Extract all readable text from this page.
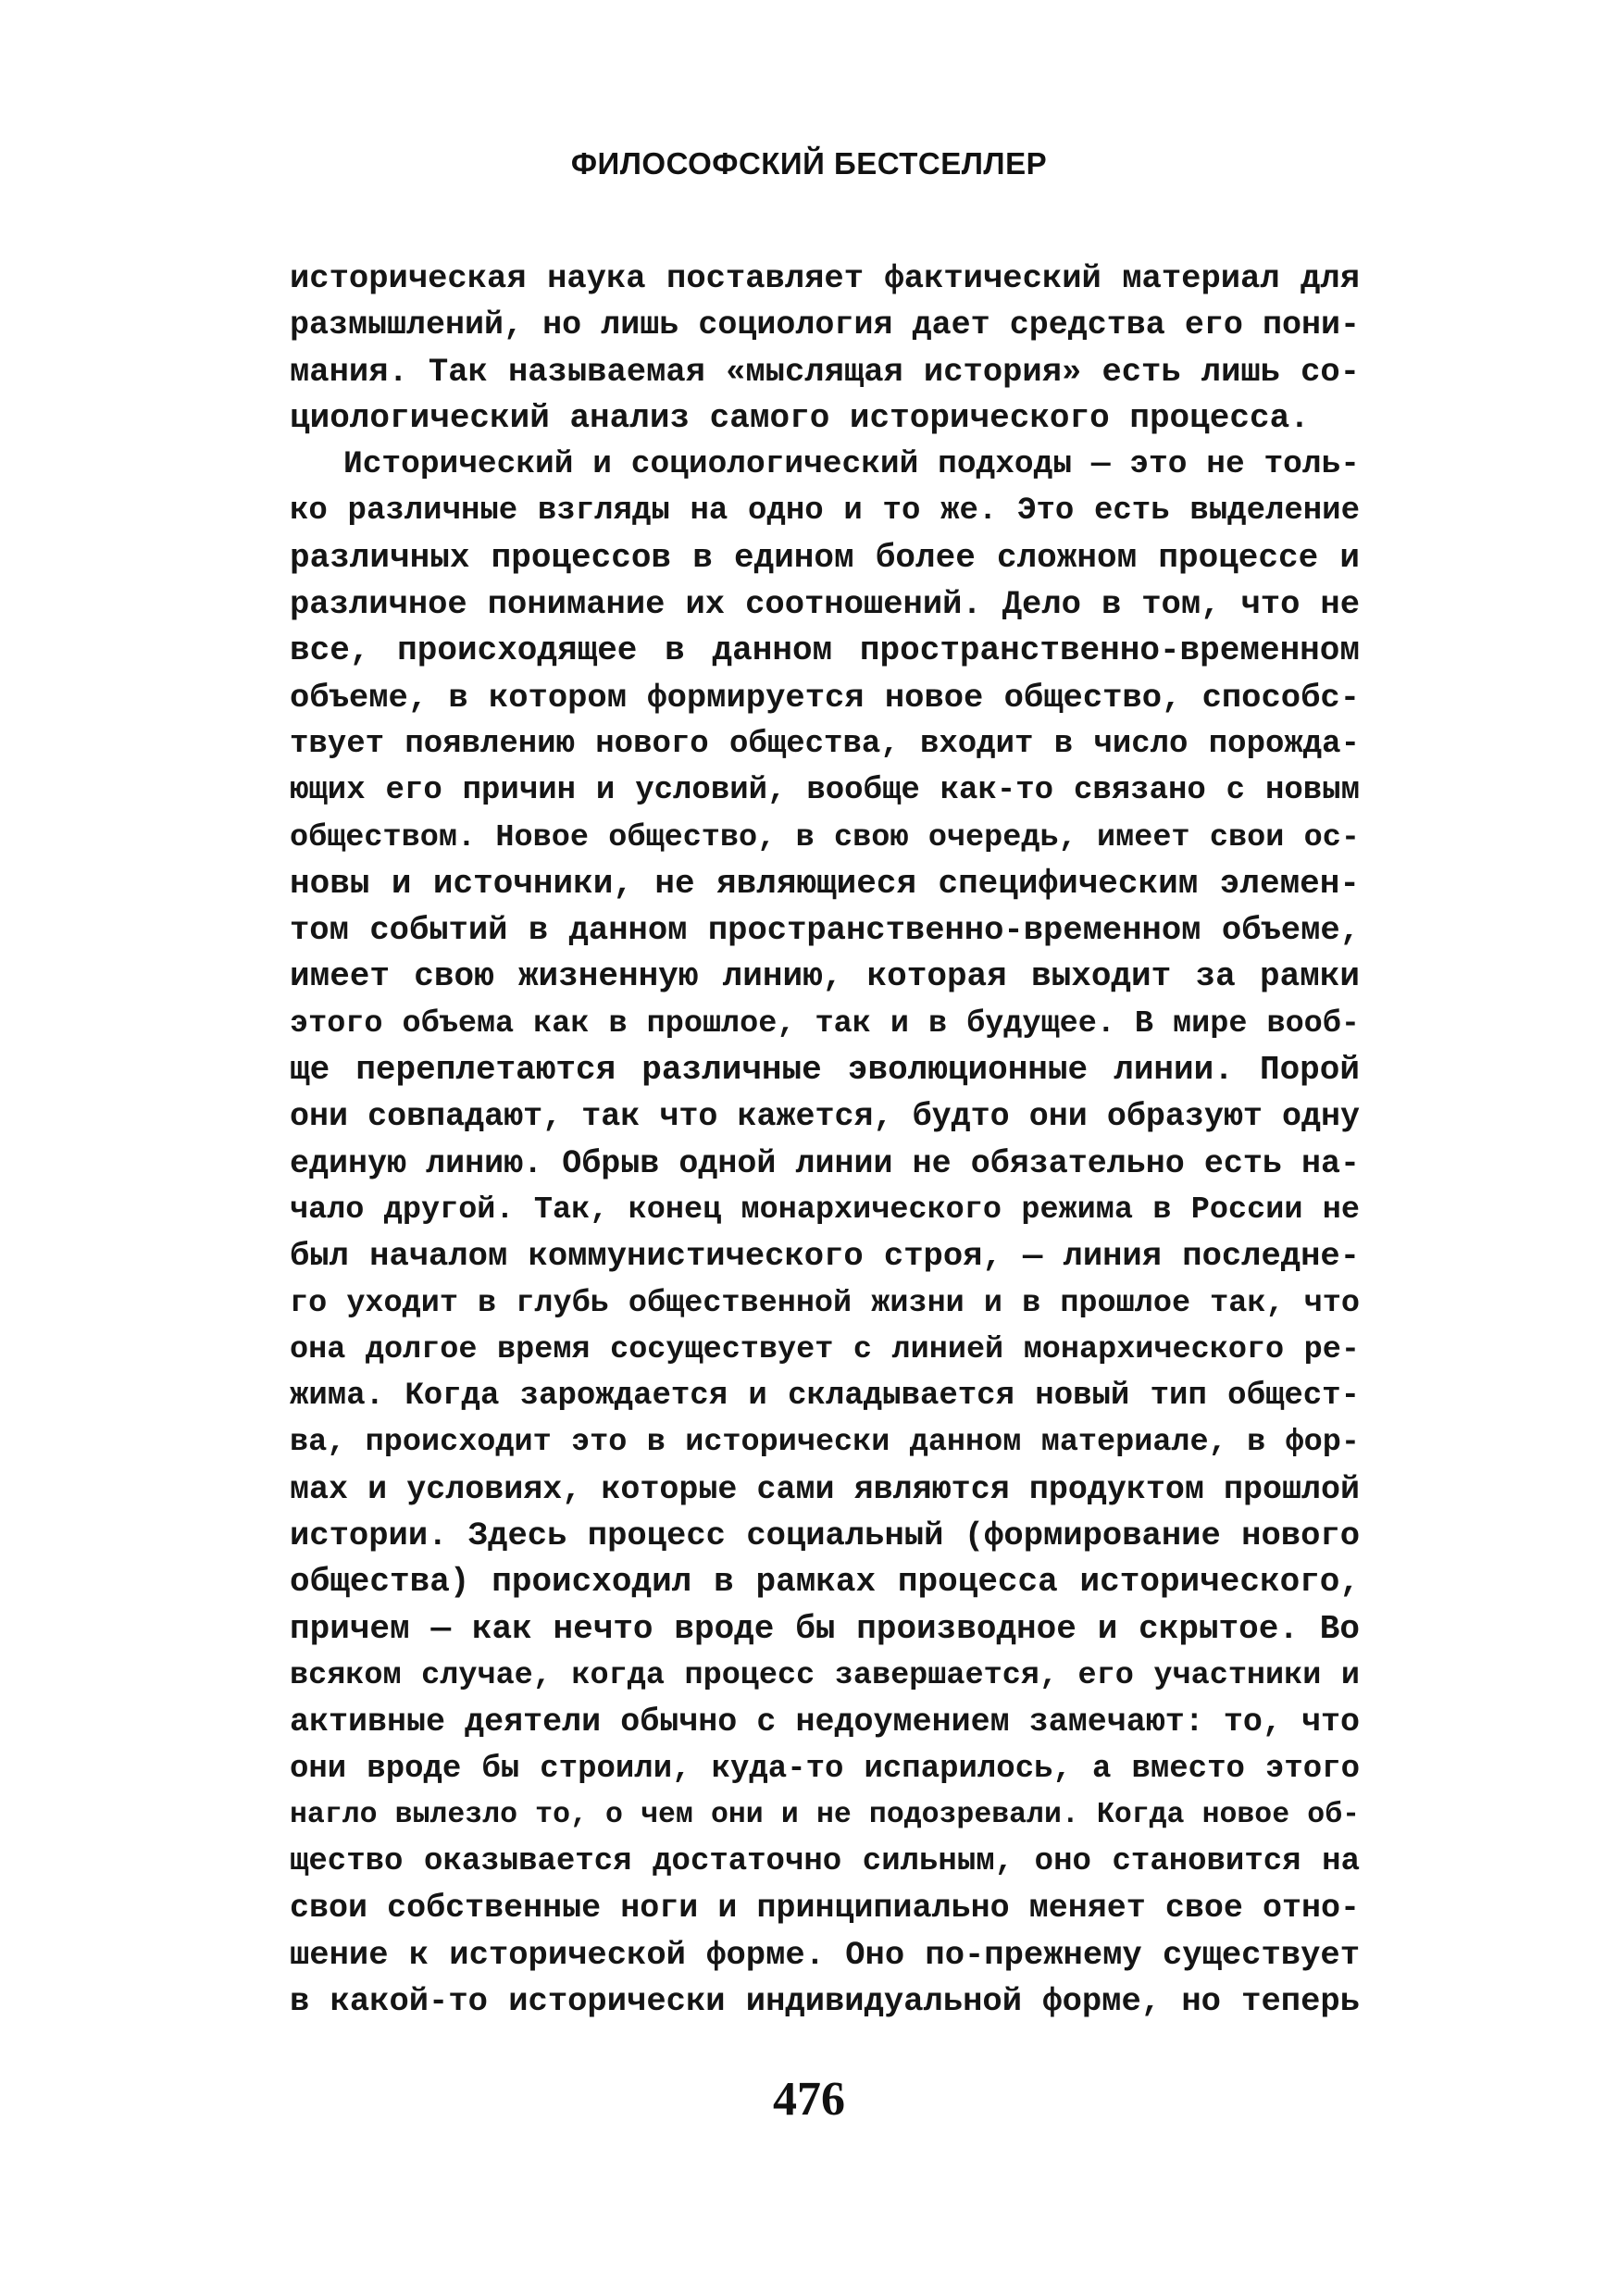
ФИЛОСОФСКИЙ БЕСТСЕЛЛЕР
историческая наука поставляет фактический материал для
размышлений, но лишь социология дает средства его пони-
мания. Так называемая «мыслящая история» есть лишь со-
циологический анализ самого исторического процесса.
Исторический и социологический подходы — это не толь-
ко различные взгляды на одно и то же. Это есть выделение
различных процессов в едином более сложном процессе и
различное понимание их соотношений. Дело в том, что не
все, происходящее в данном пространственно-временном
объеме, в котором формируется новое общество, способс-
твует появлению нового общества, входит в число порожда-
ющих его причин и условий, вообще как-то связано с новым
обществом. Новое общество, в свою очередь, имеет свои ос-
новы и источники, не являющиеся специфическим элемен-
том событий в данном пространственно-временном объеме,
имеет свою жизненную линию, которая выходит за рамки
этого объема как в прошлое, так и в будущее. В мире вооб-
ще переплетаются различные эволюционные линии. Порой
они совпадают, так что кажется, будто они образуют одну
единую линию. Обрыв одной линии не обязательно есть на-
чало другой. Так, конец монархического режима в России не
был началом коммунистического строя, — линия последне-
го уходит в глубь общественной жизни и в прошлое так, что
она долгое время сосуществует с линией монархического ре-
жима. Когда зарождается и складывается новый тип общест-
ва, происходит это в исторически данном материале, в фор-
мах и условиях, которые сами являются продуктом прошлой
истории. Здесь процесс социальный (формирование нового
общества) происходил в рамках процесса исторического,
причем — как нечто вроде бы производное и скрытое. Во
всяком случае, когда процесс завершается, его участники и
активные деятели обычно с недоумением замечают: то, что
они вроде бы строили, куда-то испарилось, а вместо этого
нагло вылезло то, о чем они и не подозревали. Когда новое об-
щество оказывается достаточно сильным, оно становится на
свои собственные ноги и принципиально меняет свое отно-
шение к исторической форме. Оно по-прежнему существует
в какой-то исторически индивидуальной форме, но теперь
476
